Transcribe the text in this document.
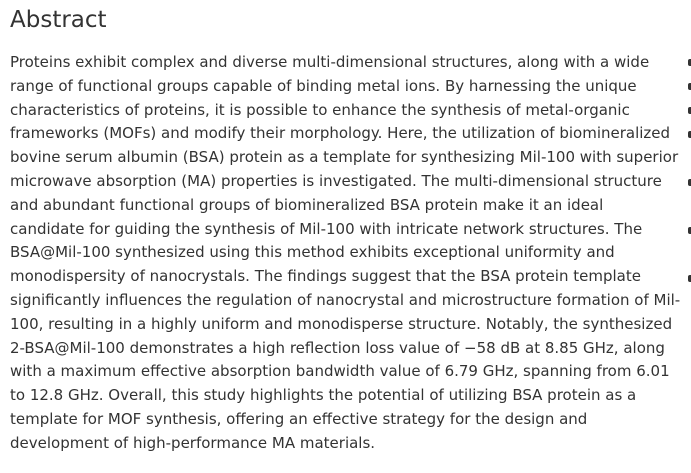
Abstract

Proteins exhibit complex and diverse multi-dimensional structures, along with a wide
range of functional groups capable of binding metal ions. By harnessing the unique
characteristics of proteins, it is possible to enhance the synthesis of metal-organic
frameworks (MOFs) and modify their morphology. Here, the utilization of biomineralized
bovine serum albumin (BSA) protein as a template for synthesizing Mil-100 with superior
microwave absorption (MA) properties is investigated. The multi-dimensional structure
and abundant functional groups of biomineralized BSA protein make it an ideal
candidate for guiding the synthesis of Mil-100 with intricate network structures. The
BSA@Mil-100 synthesized using this method exhibits exceptional uniformity and
monodispersity of nanocrystals. The findings suggest that the BSA protein template
significantly influences the regulation of nanocrystal and microstructure formation of Mil-
100, resulting in a highly uniform and monodisperse structure. Notably, the synthesized
2-BSA@Mil-100 demonstrates a high reflection loss value of −58 dB at 8.85 GHz, along
with a maximum effective absorption bandwidth value of 6.79 GHz, spanning from 6.01
to 12.8 GHz. Overall, this study highlights the potential of utilizing BSA protein as a
template for MOF synthesis, offering an effective strategy for the design and
development of high-performance MA materials.
